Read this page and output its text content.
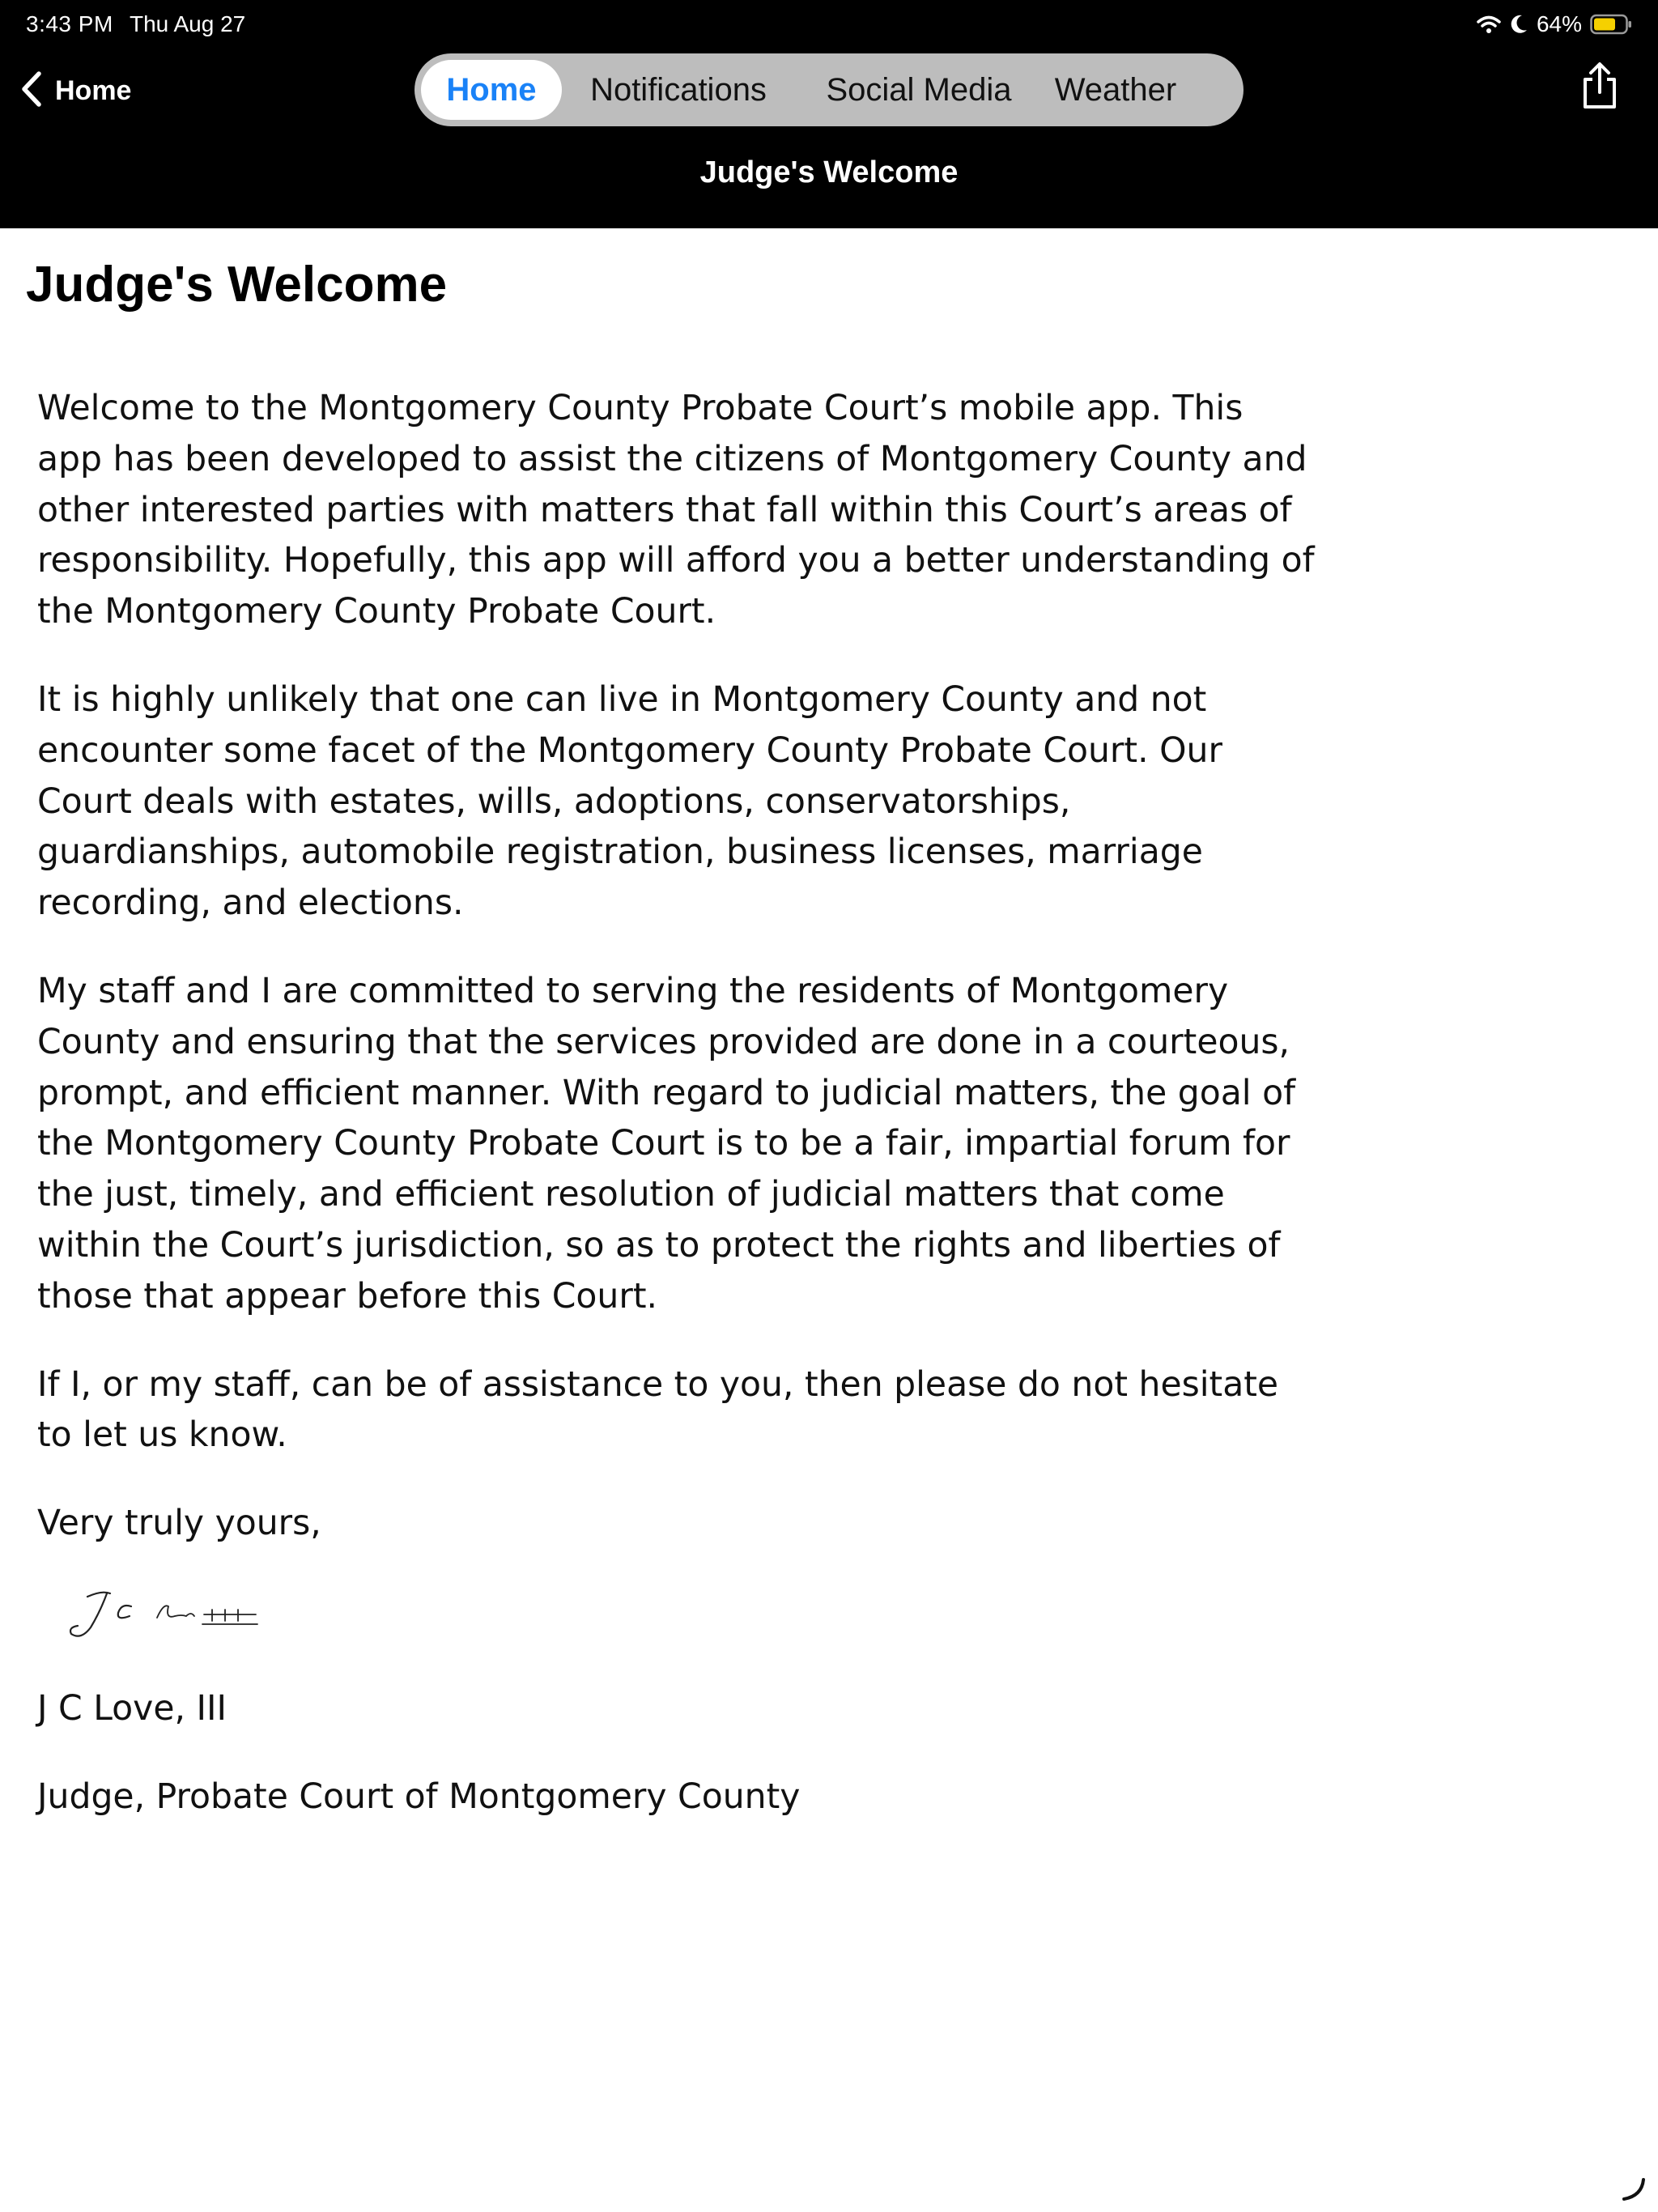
3:43 PM Thu Aug 27	64%
Home	Home	Notifications	Social Media	Weather
Judge's Welcome
Judge's Welcome

Welcome to the Montgomery County Probate Court’s mobile app. This app has been developed to assist the citizens of Montgomery County and other interested parties with matters that fall within this Court’s areas of responsibility. Hopefully, this app will afford you a better understanding of the Montgomery County Probate Court.

It is highly unlikely that one can live in Montgomery County and not encounter some facet of the Montgomery County Probate Court. Our Court deals with estates, wills, adoptions, conservatorships, guardianships, automobile registration, business licenses, marriage recording, and elections.

My staff and I are committed to serving the residents of Montgomery County and ensuring that the services provided are done in a courteous, prompt, and efficient manner. With regard to judicial matters, the goal of the Montgomery County Probate Court is to be a fair, impartial forum for the just, timely, and efficient resolution of judicial matters that come within the Court’s jurisdiction, so as to protect the rights and liberties of those that appear before this Court.

If I, or my staff, can be of assistance to you, then please do not hesitate to let us know.

Very truly yours,

J C Love, III

Judge, Probate Court of Montgomery County
